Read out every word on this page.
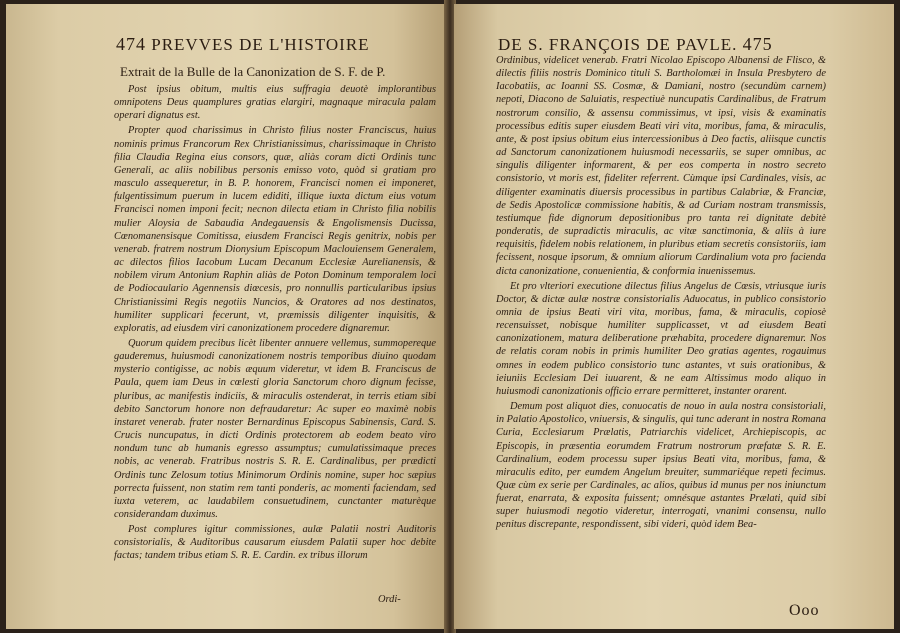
474 PREVVES DE L'HISTOIRE
Extrait de la Bulle de la Canonization de S. F. de P.

Post ipsius obitum, multis eius suffragia deuotè implorantibus omnipotens Deus quamplures gratias elargiri, magnaque miracula palam operari dignatus est.

Propter quod charissimus in Christo filius noster Franciscus, huius nominis primus Francorum Rex Christianissimus, charissimaque in Christo filia Claudia Regina eius consors, quæ, aliàs coram dicti Ordinis tunc Generali, ac aliis nobilibus personis emisso voto, quòd si gratiam pro masculo assequeretur, in B. P. honorem, Francisci nomen ei imponeret, fulgentissimum puerum in lucem ediditi, illique iuxta dictum eius votum Francisci nomen imponi fecit; necnon dilecta etiam in Christo filia nobilis mulier Aloysia de Sabaudia Andegauensis & Engolismensis Ducissa, Cœnomanensisque Comitissa, eiusdem Francisci Regis genitrix, nobis per venerab. fratrem nostrum Dionysium Episcopum Maclouiensem Generalem, ac dilectos filios Iacobum Lucam Decanum Ecclesiæ Aurelianensis, & nobilem virum Antonium Raphin aliàs de Poton Dominum temporalem loci de Podiocaulario Agennensis diœcesis, pro nonnullis particularibus ipsius Christianissimi Regis negotiis Nuncios, & Oratores ad nos destinatos, humiliter supplicari fecerunt, vt, præmissis diligenter inquisitis, & exploratis, ad eiusdem viri canonizationem procedere dignaremur.

Quorum quidem precibus licèt libenter annuere vellemus, summopereque gauderemus, huiusmodi canonizationem nostris temporibus diuino quodam mysterio contigisse, ac nobis æquum videretur, vt idem B. Franciscus de Paula, quem iam Deus in cœlesti gloria Sanctorum choro dignum fecisse, pluribus, ac manifestis indiciis, & miraculis ostenderat, in terris etiam sibi debito Sanctorum honore non defraudaretur: Ac super eo maximè nobis instaret venerab. frater noster Bernardinus Episcopus Sabinensis, Card. S. Crucis nuncupatus, in dicti Ordinis protectorem ab eodem beato viro nondum tunc ab humanis egresso assumptus; cumulatissimaque preces nobis, ac venerab. Fratribus nostris S. R. E. Cardinalibus, per prædicti Ordinis tunc Zelosum totius Minimorum Ordinis nomine, super hoc sæpius porrecta fuissent, non statim rem tanti ponderis, ac momenti faciendam, sed iuxta veterem, ac laudabilem consuetudinem, cunctanter maturèque considerandam duximus.

Post complures igitur commissiones, aulæ Palatii nostri Auditoris consistorialis, & Auditoribus causarum eiusdem Palatii super hoc debite factas; tandem tribus etiam S. R. E. Cardin. ex tribus illorum

Ordi-
DE S. FRANÇOIS DE PAVLE. 475

Ordinibus, videlicet venerab. Fratri Nicolao Episcopo Albanensi de Flisco, & dilectis filiis nostris Dominico tituli S. Bartholomæi in Insula Presbytero de Iacobatiis, ac Ioanni SS. Cosmæ, & Damiani, nostro (secundùm carnem) nepoti, Diacono de Saluiatis, respectiuè nuncupatis Cardinalibus, de Fratrum nostrorum consilio, & assensu commissimus, vt ipsi, visis & examinatis processibus editis super eiusdem Beati viri vita, moribus, fama, & miraculis, ante, & post ipsius obitum eius intercessionibus à Deo factis, aliisque cunctis ad Sanctorum canonizationem huiusmodi necessariis, se super omnibus, ac singulis diligenter informarent, & per eos comperta in nostro secreto consistorio, vt moris est, fideliter referrent. Cùmque ipsi Cardinales, visis, ac diligenter examinatis diuersis processibus in partibus Calabriæ, & Franciæ, de Sedis Apostolicæ commissione habitis, & ad Curiam nostram transmissis, testiumque fide dignorum depositionibus pro tanta rei dignitate debitè ponderatis, de supradictis miraculis, ac vitæ sanctimonia, & aliis à iure requisitis, fidelem nobis relationem, in pluribus etiam secretis consistoriis, iam fecissent, nosque ipsorum, & omnium aliorum Cardinalium vota pro facienda dicta canonizatione, conuenientia, & conformia inuenissemus.

Et pro vlteriori executione dilectus filius Angelus de Cœsis, vtriusque iuris Doctor, & dictæ aulæ nostræ consistorialis Aduocatus, in publico consistorio omnia de ipsius Beati viri vita, moribus, fama, & miraculis, copiosè recensuisset, nobisque humiliter supplicasset, vt ad eiusdem Beati canonizationem, matura deliberatione præhabita, procedere dignaremur. Nos de relatis coram nobis in primis humiliter Deo gratias agentes, rogauimus omnes in eodem publico consistorio tunc astantes, vt suis orationibus, & ieiuniis Ecclesiam Dei iuuarent, & ne eam Altissimus modo aliquo in huiusmodi canonizationis officio errare permitteret, instanter orarent.

Demum post aliquot dies, conuocatis de nouo in aula nostra consistoriali, in Palatio Apostolico, vniuersis, & singulis, qui tunc aderant in nostra Romana Curia, Ecclesiarum Prælatis, Patriarchis videlicet, Archiepiscopis, ac Episcopis, in præsentia eorumdem Fratrum nostrorum præfatæ S. R. E. Cardinalium, eodem processu super ipsius Beati vita, moribus, fama, & miraculis edito, per eumdem Angelum breuiter, summariéque repeti fecimus. Quæ cùm ex serie per Cardinales, ac alios, quibus id munus per nos iniunctum fuerat, enarrata, & exposita fuissent; omnésque astantes Prælati, quid sibi super huiusmodi negotio videretur, interrogati, vnanimi consensu, nullo penitus discrepante, respondissent, sibi videri, quòd idem Bea-

Ooo
